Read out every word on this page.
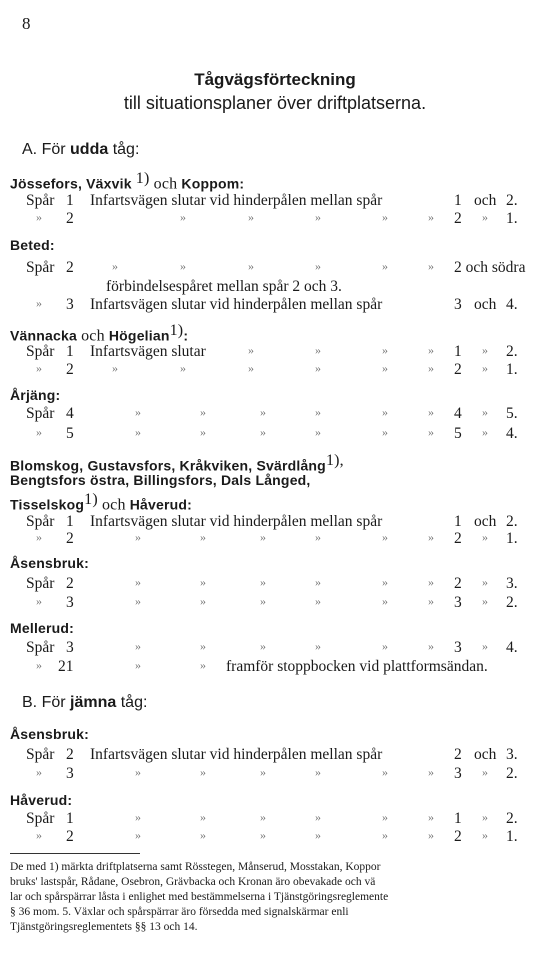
8
Tågvägsförteckning
till situationsplaner över driftplatserna.
A. För udda tåg:
Jössefors, Växvik $^{1)}$ och Koppom:
Spår 1 Infartsvägen slutar vid hinderpålen mellan spår	1 och 2.
» 2	»	»	»	»	» 2 » 1.
Beted:
Spår 2	»	»	»	»	»	» 2 och södra
förbindelsespåret mellan spår 2 och 3.
» 3 Infartsvägen slutar vid hinderpålen mellan spår	3 och 4.
Vännacka och Högelian$^{1)}$:
Spår 1 Infartsvägen slutar	»	»	»	» 1 » 2.
» 2	»	»	»	»	»	» 2 » 1.
Årjäng:
Spår 4	»	»	»	»	»	» 4 » 5.
» 5	»	»	»	»	»	» 5 » 4.
Blomskog, Gustavsfors, Kråkviken, Svärdlång$^{1),}$
Bengtsfors östra, Billingsfors, Dals Långed,
Tisselskog$^{1)}$ och Håverud:
Spår 1 Infartsvägen slutar vid hinderpålen mellan spår	1 och 2.
» 2	»	»	»	»	»	» 2 » 1.
Åsensbruk:
Spår 2	»	»	»	»	»	» 2 » 3.
» 3	»	»	»	»	»	» 3 » 2.
Mellerud:
Spår 3	»	»	»	»	»	» 3 » 4.
» 21	»	» framför stoppbocken vid plattformsändan.
B. För jämna tåg:
Åsensbruk:
Spår 2 Infartsvägen slutar vid hinderpålen mellan spår	2 och 3.
» 3	»	»	»	»	»	» 3 » 2.
Håverud:
Spår 1	»	»	»	»	»	» 1 » 2.
» 2	»	»	»	»	»	» 2 » 1.
De med 1) märkta driftplatserna samt Rösstegen, Månserud, Mosstakan, Koppor
bruks' lastspår, Rådane, Osebron, Grävbacka och Kronan äro obevakade och vä
lar och spårspärrar låsta i enlighet med bestämmelserna i Tjänstgöringsreglemente
§ 36 mom. 5. Växlar och spårspärrar äro försedda med signalskärmar enli
Tjänstgöringsreglementets §§ 13 och 14.
